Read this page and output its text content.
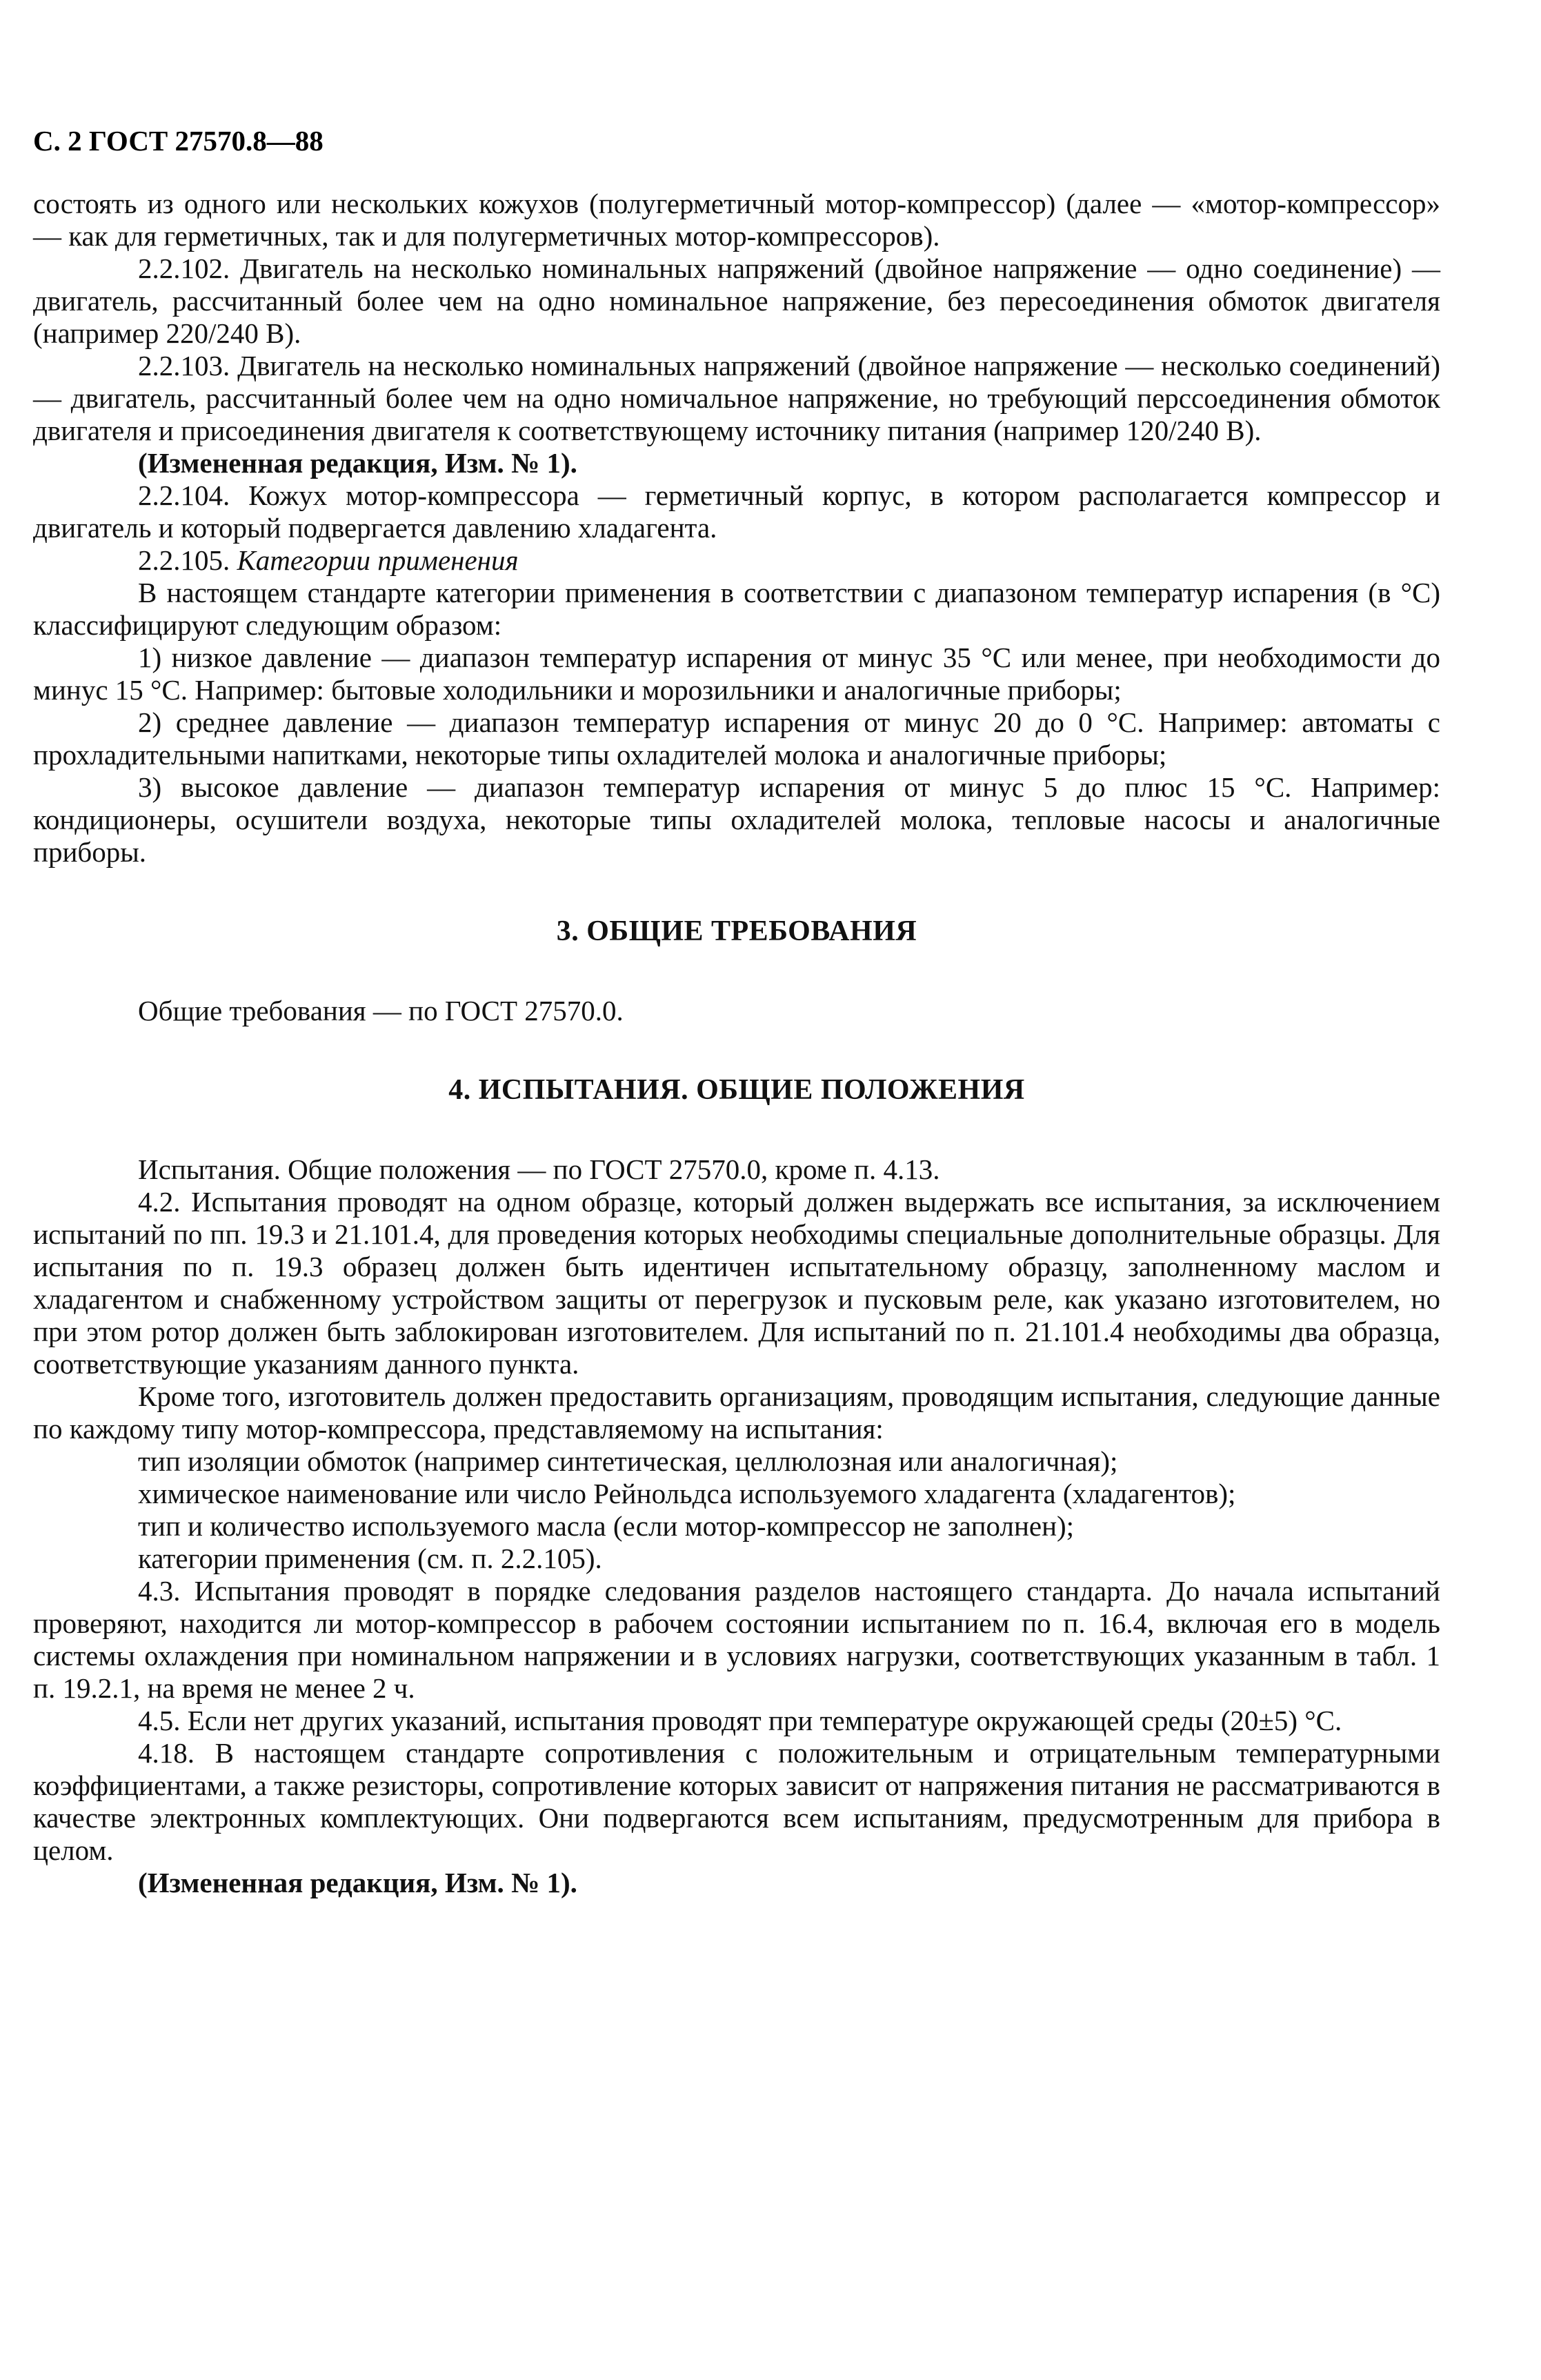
С. 2 ГОСТ 27570.8—88

состоять из одного или нескольких кожухов (полугерметичный мотор-компрессор) (далее — «мотор-компрессор» — как для герметичных, так и для полугерметичных мотор-компрессоров).

2.2.102. Двигатель на несколько номинальных напряжений (двойное напряжение — одно соединение) — двигатель, рассчитанный более чем на одно номинальное напряжение, без пересоединения обмоток двигателя (например 220/240 В).

2.2.103. Двигатель на несколько номинальных напряжений (двойное напряжение — несколько соединений) — двигатель, рассчитанный более чем на одно номичальное напряжение, но требующий перссоединения обмоток двигателя и присоединения двигателя к соответствующему источнику питания (например 120/240 В).

(Измененная редакция, Изм. № 1).

2.2.104. Кожух мотор-компрессора — герметичный корпус, в котором располагается компрессор и двигатель и который подвергается давлению хладагента.

2.2.105. Категории применения

В настоящем стандарте категории применения в соответствии с диапазоном температур испарения (в °С) классифицируют следующим образом:

1) низкое давление — диапазон температур испарения от минус 35 °С или менее, при необходимости до минус 15 °С. Например: бытовые холодильники и морозильники и аналогичные приборы;

2) среднее давление — диапазон температур испарения от минус 20 до 0 °С. Например: автоматы с прохладительными напитками, некоторые типы охладителей молока и аналогичные приборы;

3) высокое давление — диапазон температур испарения от минус 5 до плюс 15 °С. Например: кондиционеры, осушители воздуха, некоторые типы охладителей молока, тепловые насосы и аналогичные приборы.

3. ОБЩИЕ ТРЕБОВАНИЯ

Общие требования — по ГОСТ 27570.0.

4. ИСПЫТАНИЯ. ОБЩИЕ ПОЛОЖЕНИЯ

Испытания. Общие положения — по ГОСТ 27570.0, кроме п. 4.13.

4.2. Испытания проводят на одном образце, который должен выдержать все испытания, за исключением испытаний по пп. 19.3 и 21.101.4, для проведения которых необходимы специальные дополнительные образцы. Для испытания по п. 19.3 образец должен быть идентичен испытательному образцу, заполненному маслом и хладагентом и снабженному устройством защиты от перегрузок и пусковым реле, как указано изготовителем, но при этом ротор должен быть заблокирован изготовителем. Для испытаний по п. 21.101.4 необходимы два образца, соответствующие указаниям данного пункта.

Кроме того, изготовитель должен предоставить организациям, проводящим испытания, следующие данные по каждому типу мотор-компрессора, представляемому на испытания:

тип изоляции обмоток (например синтетическая, целлюлозная или аналогичная);

химическое наименование или число Рейнольдса используемого хладагента (хладагентов);

тип и количество используемого масла (если мотор-компрессор не заполнен);

категории применения (см. п. 2.2.105).

4.3. Испытания проводят в порядке следования разделов настоящего стандарта. До начала испытаний проверяют, находится ли мотор-компрессор в рабочем состоянии испытанием по п. 16.4, включая его в модель системы охлаждения при номинальном напряжении и в условиях нагрузки, соответствующих указанным в табл. 1 п. 19.2.1, на время не менее 2 ч.

4.5. Если нет других указаний, испытания проводят при температуре окружающей среды (20±5) °С.

4.18. В настоящем стандарте сопротивления с положительным и отрицательным температурными коэффициентами, а также резисторы, сопротивление которых зависит от напряжения питания не рассматриваются в качестве электронных комплектующих. Они подвергаются всем испытаниям, предусмотренным для прибора в целом.

(Измененная редакция, Изм. № 1).
